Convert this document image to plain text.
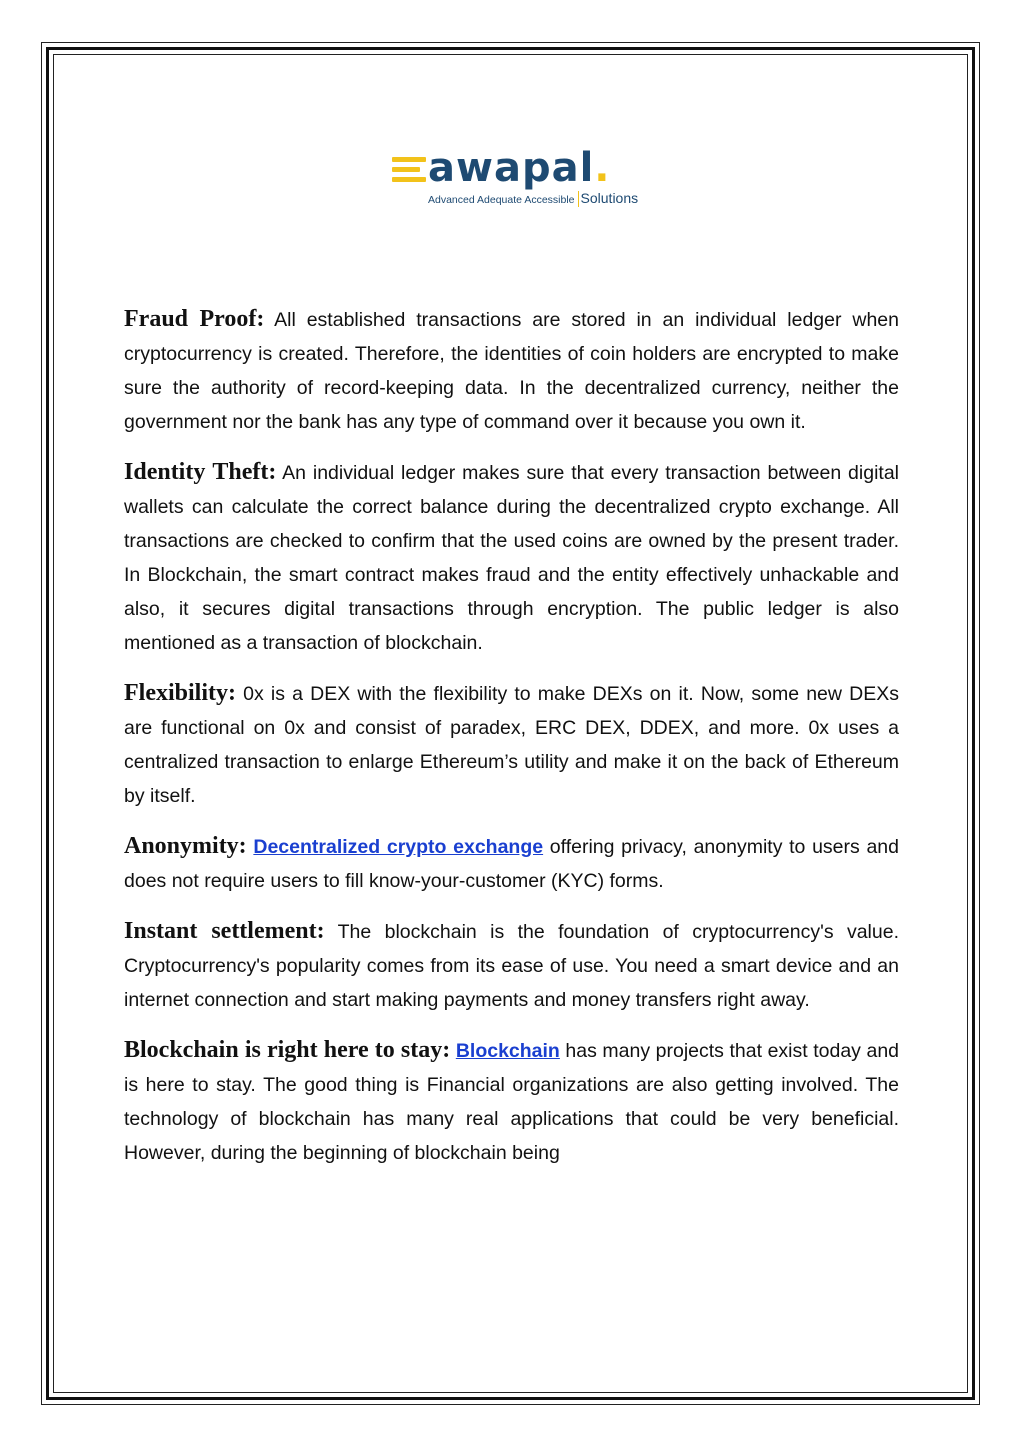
awapal.
Advanced Adequate Accessible Solutions

Fraud Proof: All established transactions are stored in an individual ledger when cryptocurrency is created. Therefore, the identities of coin holders are encrypted to make sure the authority of record-keeping data. In the decentralized currency, neither the government nor the bank has any type of command over it because you own it.

Identity Theft: An individual ledger makes sure that every transaction between digital wallets can calculate the correct balance during the decentralized crypto exchange. All transactions are checked to confirm that the used coins are owned by the present trader. In Blockchain, the smart contract makes fraud and the entity effectively unhackable and also, it secures digital transactions through encryption. The public ledger is also mentioned as a transaction of blockchain.

Flexibility: 0x is a DEX with the flexibility to make DEXs on it. Now, some new DEXs are functional on 0x and consist of paradex, ERC DEX, DDEX, and more. 0x uses a centralized transaction to enlarge Ethereum’s utility and make it on the back of Ethereum by itself.

Anonymity: Decentralized crypto exchange offering privacy, anonymity to users and does not require users to fill know-your-customer (KYC) forms.

Instant settlement: The blockchain is the foundation of cryptocurrency's value. Cryptocurrency's popularity comes from its ease of use. You need a smart device and an internet connection and start making payments and money transfers right away.

Blockchain is right here to stay: Blockchain has many projects that exist today and is here to stay. The good thing is Financial organizations are also getting involved. The technology of blockchain has many real applications that could be very beneficial. However, during the beginning of blockchain being
